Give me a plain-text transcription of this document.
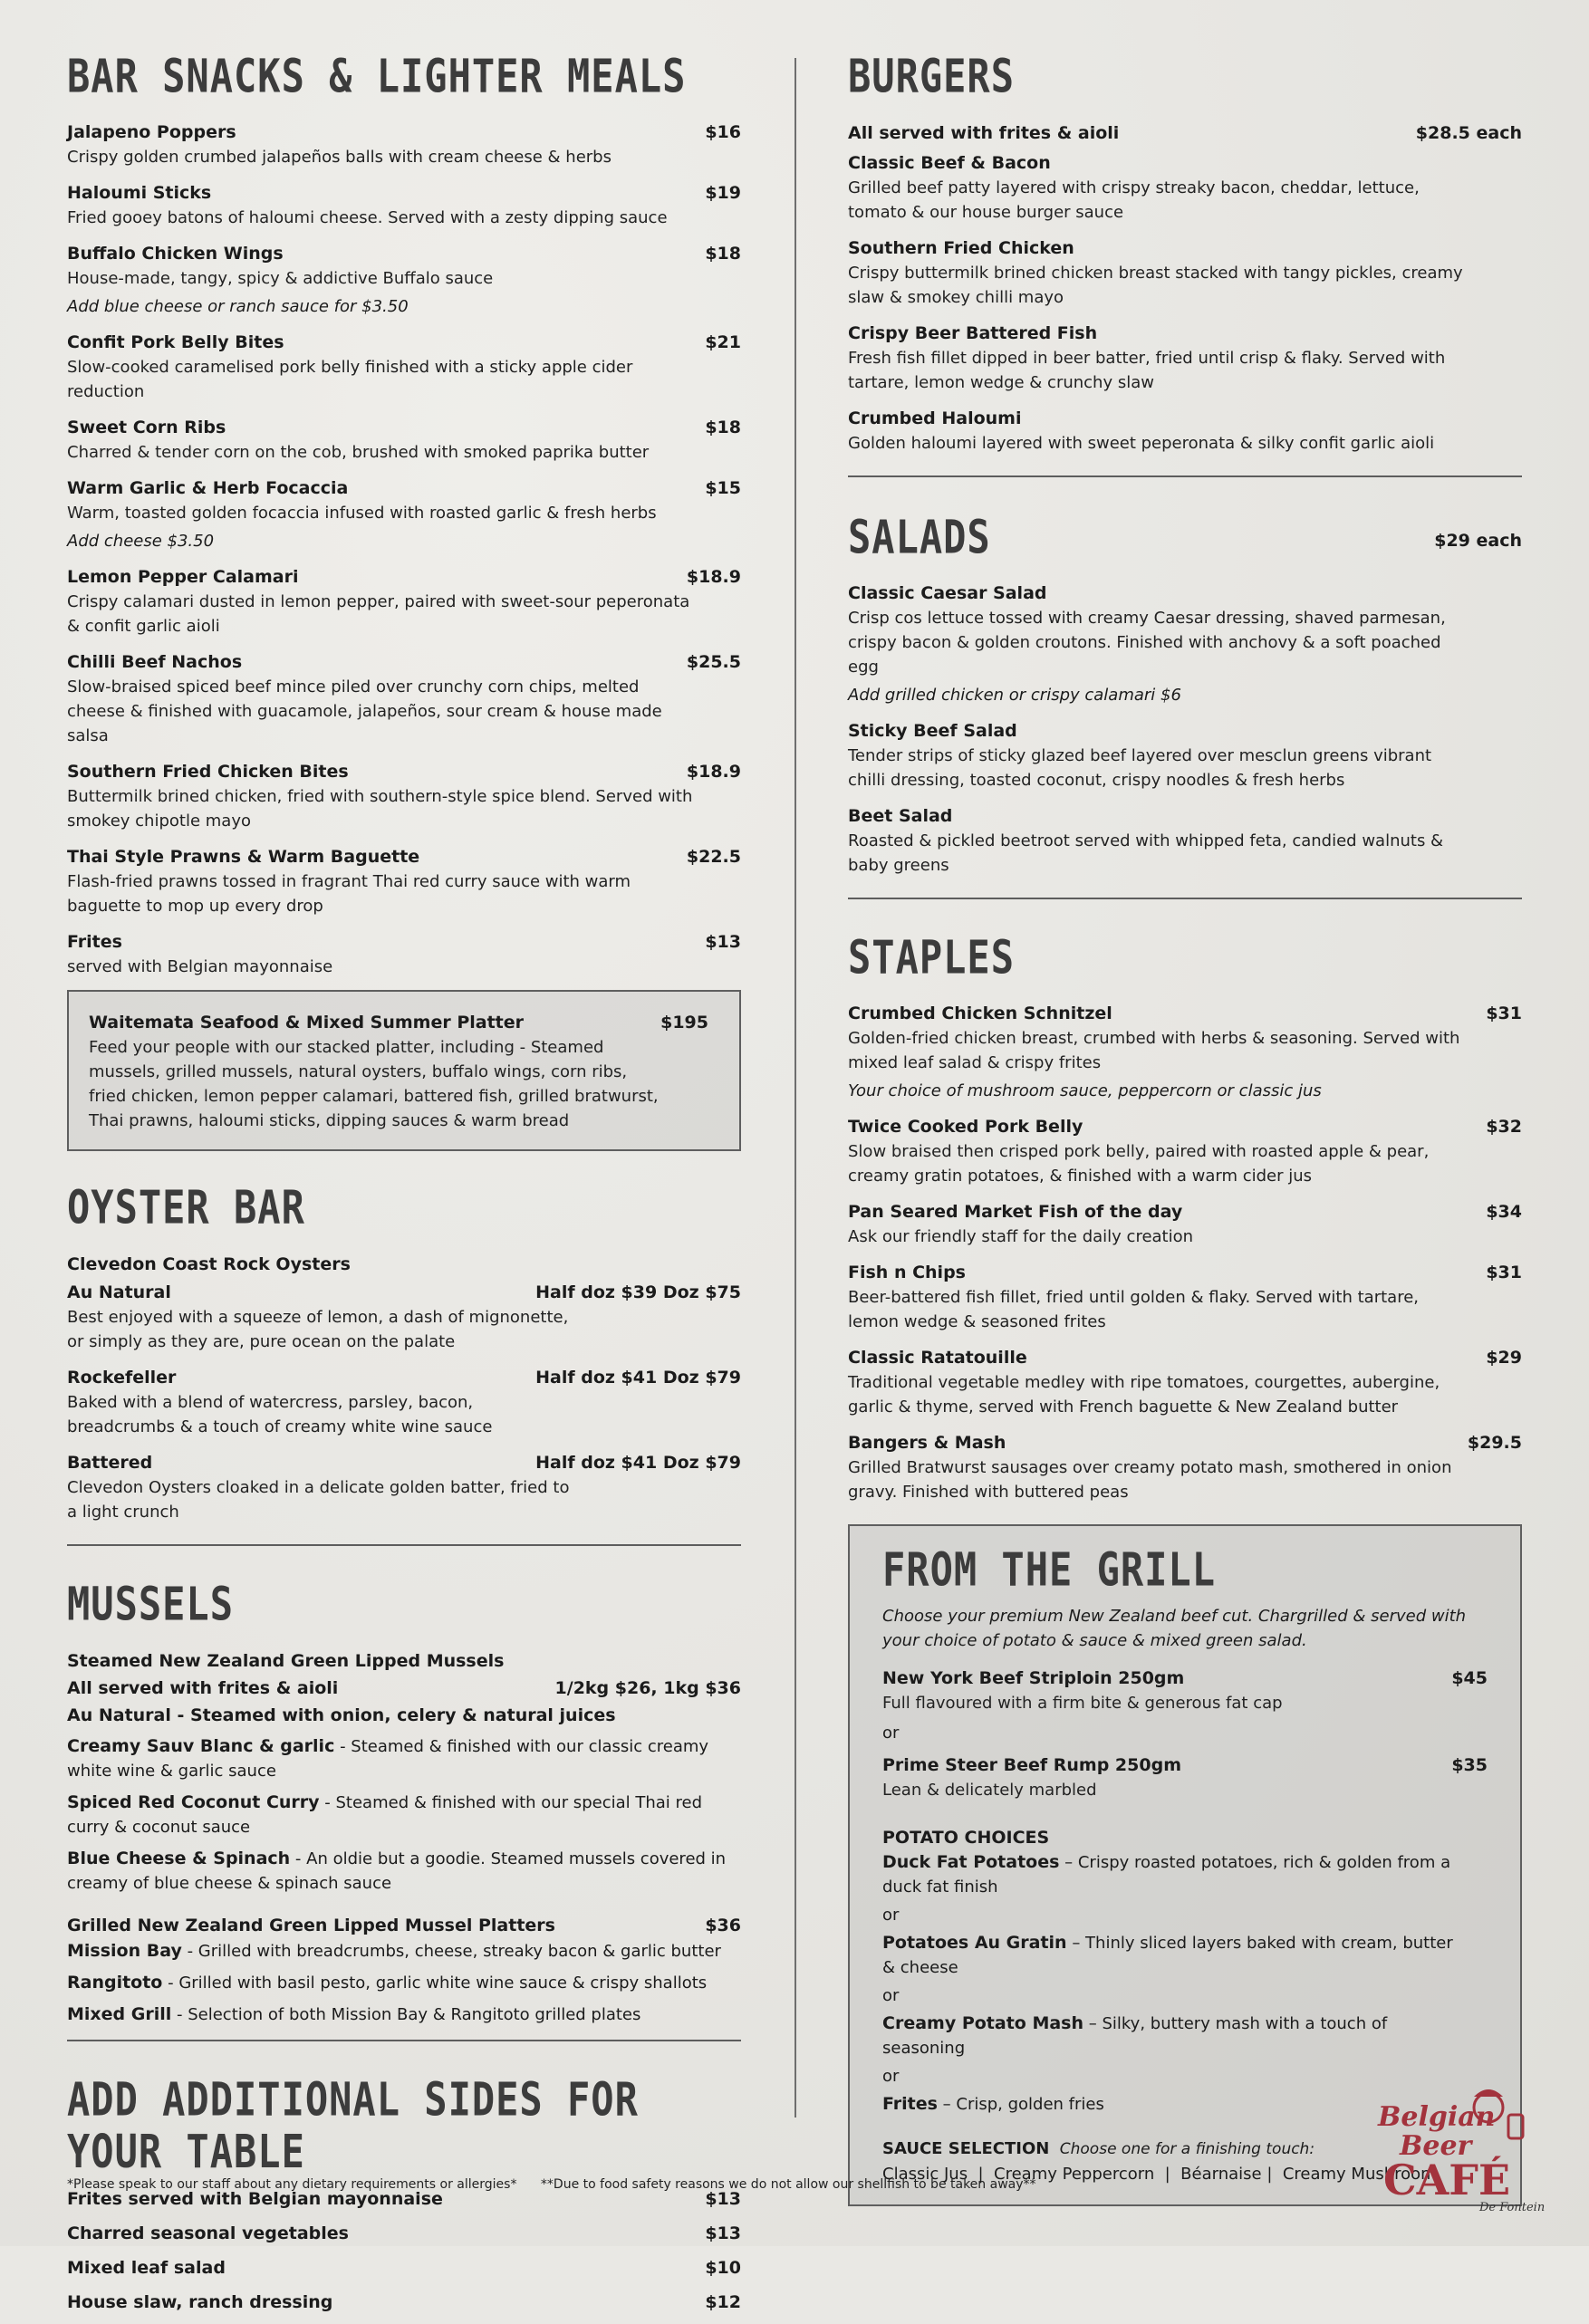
BAR SNACKS & LIGHTER MEALS
Jalapeno Poppers	$16
Crispy golden crumbed jalapeños balls with cream cheese & herbs
Haloumi Sticks	$19
Fried gooey batons of haloumi cheese. Served with a zesty dipping sauce
Buffalo Chicken Wings	$18
House-made, tangy, spicy & addictive Buffalo sauce
Add blue cheese or ranch sauce for $3.50
Confit Pork Belly Bites	$21
Slow-cooked caramelised pork belly finished with a sticky apple cider reduction
Sweet Corn Ribs	$18
Charred & tender corn on the cob, brushed with smoked paprika butter
Warm Garlic & Herb Focaccia	$15
Warm, toasted golden focaccia infused with roasted garlic & fresh herbs
Add cheese $3.50
Lemon Pepper Calamari	$18.9
Crispy calamari dusted in lemon pepper, paired with sweet-sour peperonata & confit garlic aioli
Chilli Beef Nachos	$25.5
Slow-braised spiced beef mince piled over crunchy corn chips, melted cheese & finished with guacamole, jalapeños, sour cream & house made salsa
Southern Fried Chicken Bites	$18.9
Buttermilk brined chicken, fried with southern-style spice blend. Served with smokey chipotle mayo
Thai Style Prawns & Warm Baguette	$22.5
Flash-fried prawns tossed in fragrant Thai red curry sauce with warm baguette to mop up every drop
Frites	$13
served with Belgian mayonnaise
Waitemata Seafood & Mixed Summer Platter	$195
Feed your people with our stacked platter, including - Steamed mussels, grilled mussels, natural oysters, buffalo wings, corn ribs, fried chicken, lemon pepper calamari, battered fish, grilled bratwurst, Thai prawns, haloumi sticks, dipping sauces & warm bread
OYSTER BAR
Clevedon Coast Rock Oysters
Au Natural	Half doz $39 Doz $75
Best enjoyed with a squeeze of lemon, a dash of mignonette, or simply as they are, pure ocean on the palate
Rockefeller	Half doz $41 Doz $79
Baked with a blend of watercress, parsley, bacon, breadcrumbs & a touch of creamy white wine sauce
Battered	Half doz $41 Doz $79
Clevedon Oysters cloaked in a delicate golden batter, fried to a light crunch
MUSSELS
Steamed New Zealand Green Lipped Mussels
All served with frites & aioli	1/2kg $26, 1kg $36
Au Natural - Steamed with onion, celery & natural juices
Creamy Sauv Blanc & garlic - Steamed & finished with our classic creamy white wine & garlic sauce
Spiced Red Coconut Curry - Steamed & finished with our special Thai red curry & coconut sauce
Blue Cheese & Spinach - An oldie but a goodie. Steamed mussels covered in creamy of blue cheese & spinach sauce
Grilled New Zealand Green Lipped Mussel Platters	$36
Mission Bay - Grilled with breadcrumbs, cheese, streaky bacon & garlic butter
Rangitoto - Grilled with basil pesto, garlic white wine sauce & crispy shallots
Mixed Grill - Selection of both Mission Bay & Rangitoto grilled plates
ADD ADDITIONAL SIDES FOR YOUR TABLE
Frites served with Belgian mayonnaise	$13
Charred seasonal vegetables	$13
Mixed leaf salad	$10
House slaw, ranch dressing	$12
BURGERS
All served with frites & aioli	$28.5 each
Classic Beef & Bacon
Grilled beef patty layered with crispy streaky bacon, cheddar, lettuce, tomato & our house burger sauce
Southern Fried Chicken
Crispy buttermilk brined chicken breast stacked with tangy pickles, creamy slaw & smokey chilli mayo
Crispy Beer Battered Fish
Fresh fish fillet dipped in beer batter, fried until crisp & flaky. Served with tartare, lemon wedge & crunchy slaw
Crumbed Haloumi
Golden haloumi layered with sweet peperonata & silky confit garlic aioli
SALADS	$29 each
Classic Caesar Salad
Crisp cos lettuce tossed with creamy Caesar dressing, shaved parmesan, crispy bacon & golden croutons. Finished with anchovy & a soft poached egg
Add grilled chicken or crispy calamari $6
Sticky Beef Salad
Tender strips of sticky glazed beef layered over mesclun greens vibrant chilli dressing, toasted coconut, crispy noodles & fresh herbs
Beet Salad
Roasted & pickled beetroot served with whipped feta, candied walnuts & baby greens
STAPLES
Crumbed Chicken Schnitzel	$31
Golden-fried chicken breast, crumbed with herbs & seasoning. Served with mixed leaf salad & crispy frites
Your choice of mushroom sauce, peppercorn or classic jus
Twice Cooked Pork Belly	$32
Slow braised then crisped pork belly, paired with roasted apple & pear, creamy gratin potatoes, & finished with a warm cider jus
Pan Seared Market Fish of the day	$34
Ask our friendly staff for the daily creation
Fish n Chips	$31
Beer-battered fish fillet, fried until golden & flaky. Served with tartare, lemon wedge & seasoned frites
Classic Ratatouille	$29
Traditional vegetable medley with ripe tomatoes, courgettes, aubergine, garlic & thyme, served with French baguette & New Zealand butter
Bangers & Mash	$29.5
Grilled Bratwurst sausages over creamy potato mash, smothered in onion gravy. Finished with buttered peas
FROM THE GRILL
Choose your premium New Zealand beef cut. Chargrilled & served with your choice of potato & sauce & mixed green salad.
New York Beef Striploin 250gm	$45
Full flavoured with a firm bite & generous fat cap
or
Prime Steer Beef Rump 250gm	$35
Lean & delicately marbled
POTATO CHOICES
Duck Fat Potatoes – Crispy roasted potatoes, rich & golden from a duck fat finish
or
Potatoes Au Gratin – Thinly sliced layers baked with cream, butter & cheese
or
Creamy Potato Mash – Silky, buttery mash with a touch of seasoning
or
Frites – Crisp, golden fries
SAUCE SELECTION Choose one for a finishing touch:
Classic Jus  |  Creamy Peppercorn  |  Béarnaise |  Creamy Mushroom
*Please speak to our staff about any dietary requirements or allergies* **Due to food safety reasons we do not allow our shellfish to be taken away**
Belgian
Beer
CAFÉ
De Fontein
